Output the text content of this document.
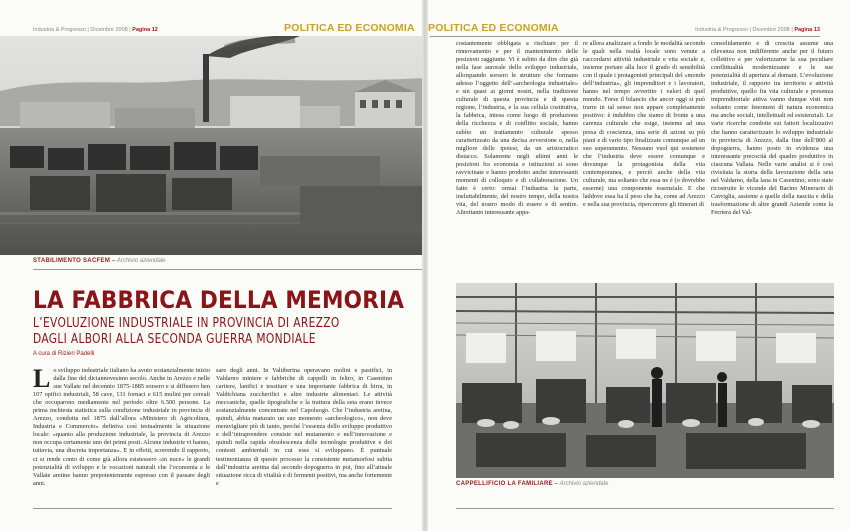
Industria & Progresso | Dicembre 2008 | Pagina 12	POLITICA ED ECONOMIA
STABILIMENTO SACFEM – Archivio aziendale
LA FABBRICA DELLA MEMORIA
L’EVOLUZIONE INDUSTRIALE IN PROVINCIA DI AREZZO
DAGLI ALBORI ALLA SECONDA GUERRA MONDIALE
A cura di Rizieri Padelli
Lo sviluppo industriale italiano ha avuto sostanzialmente inizio dalla fine del diciannovesimo secolo. Anche in Arezzo e nelle sue Vallate nel decennio 1875-1885 sorsero e si diffusero ben 107 opifici industriali, 58 cave, 131 fornaci e 615 mulini per cereali che occuparono mediamente nel periodo oltre 6.500 persone. La prima inchiesta statistica sulla condizione industriale in provincia di Arezzo, condotta nel 1875 dall’allora «Ministero di Agricoltura, Industria e Commercio» definiva così testualmente la situazione locale: «quanto alla produzione industriale, la provincia di Arezzo non occupa certamente uno dei primi posti. Alcune industrie vi hanno, tuttavia, una discreta importanza». E in effetti, scorrendo il rapporto, ci si rende conto di come già allora esistessero «in nuce» le grandi potenzialità di sviluppo e le vocazioni naturali che l’economia e le Vallate aretine hanno prepotentemente espresso con il passare degli anni.
sare degli anni. In Valtiberina operavano molini e pastifici, in Valdarno miniere e fabbriche di cappelli in feltro, in Casentino cartiere, lanifici e tessiture e una importante fabbrica di birra, in Valdichiana zuccherifici e altre industrie alimentari. Le attività meccaniche, quelle tipografiche e la trattura della seta erano invece sostanzialmente concentrate nel Capoluogo. Che l’industria aretina, quindi, abbia maturato un suo momento «archeologico», non deve meravigliare più di tanto, perché l’essenza dello sviluppo produttivo e dell’intraprendere consiste nel mutamento e nell’innovazione e quindi nella rapida obsolescenza delle tecnologie produttive e dei contesti ambientali in cui esse si sviluppano. È puntuale testimonianza di questo processo la consistente metamorfosi subita dall’industria aretina dal secondo dopoguerra in poi, fino all’attuale situazione ricca di vitalità e di fermenti positivi, ma anche fortemente e
POLITICA ED ECONOMIA	Industria & Progresso | Dicembre 2008 | Pagina 13
costantemente obbligata a rischiare per il rinnovamento e per il mantenimento delle posizioni raggiunte. Vi è subito da dire che già nella fase aurorale dello sviluppo industriale, allorquando sorsero le strutture che formano adesso l’oggetto dell’«archeologia industriale» e sin quasi ai giorni nostri, nella tradizione culturale di questa provincia e di questa regione, l’industria, e la sua cellula costitutiva, la fabbrica, intesa come luogo di produzione della ricchezza e di conflitto sociale, hanno subìto un trattamento culturale spesso caratterizzato da una decisa avversione o, nella migliore delle ipotesi, da un aristocratico distacco. Solamente negli ultimi anni le posizioni fra economia e istituzioni si sono ravvicinate e hanno prodotto anche interessanti momenti di colloquio e di collaborazione. Un fatto è certo: ormai l’industria fa parte, ineluttabilmente, del nostro tempo, della nostra vita, del nostro modo di essere e di sentire. Altrettanto interessante appa-
re allora analizzare a fondo le modalità secondo le quali nella realtà locale sono venute a raccordarsi attività industriale e vita sociale e, insieme portare alla luce il grado di sensibilità con il quale i protagonisti principali del «mondo dell’industria», gli imprenditori e i lavoratori, hanno nel tempo avvertito i valori di quel mondo. Forse il bilancio che ancor oggi si può trarre in tal senso non appare completamente positivo: è indubbio che siamo di fronte a una carenza culturale che esige, insieme ad una presa di coscienza, una serie di azioni su più piani e di vario tipo finalizzate comunque ad un suo superamento. Nessuno vuol qui sostenere che l’industria deve essere comunque e dovunque la protagonista della vita contemporanea, e perciò anche della vita culturale, ma soltanto che essa ne è (o dovrebbe esserne) una componente essenziale. E che laddove essa ha il peso che ha, come ad Arezzo e nella sua provincia, ripercorrere gli itinerari di
consolidamento e di crescita assume una rilevanza non indifferente anche per il futuro collettivo e per valorizzarne la sua peculiare conflittualità modernizzante e le sue potenzialità di apertura al domani. L’evoluzione industriale, il rapporto tra territorio e attività produttive, quello fra vita culturale e presenza imprenditoriale attiva vanno dunque visti non soltanto come fenomeni di natura economica ma anche sociali, intellettuali ed esistenziali. Le varie ricerche condotte sui fattori localizzativi che hanno caratterizzato lo sviluppo industriale in provincia di Arezzo, dalla fine dell’800 al dopoguerra, hanno posto in evidenza una interessante precocità del quadro produttivo in ciascuna Vallata. Nelle varie analisi si è così rivisitata la storia della lavorazione della seta nel Valdarno, della lana in Casentino; sono state ricostruite le vicende del Bacino Minerario di Cavriglia, assieme a quelle della nascita e della trasformazione di altre grandi Aziende come la Ferriera del Val-
CAPPELLIFICIO LA FAMILIARE – Archivio aziendale
